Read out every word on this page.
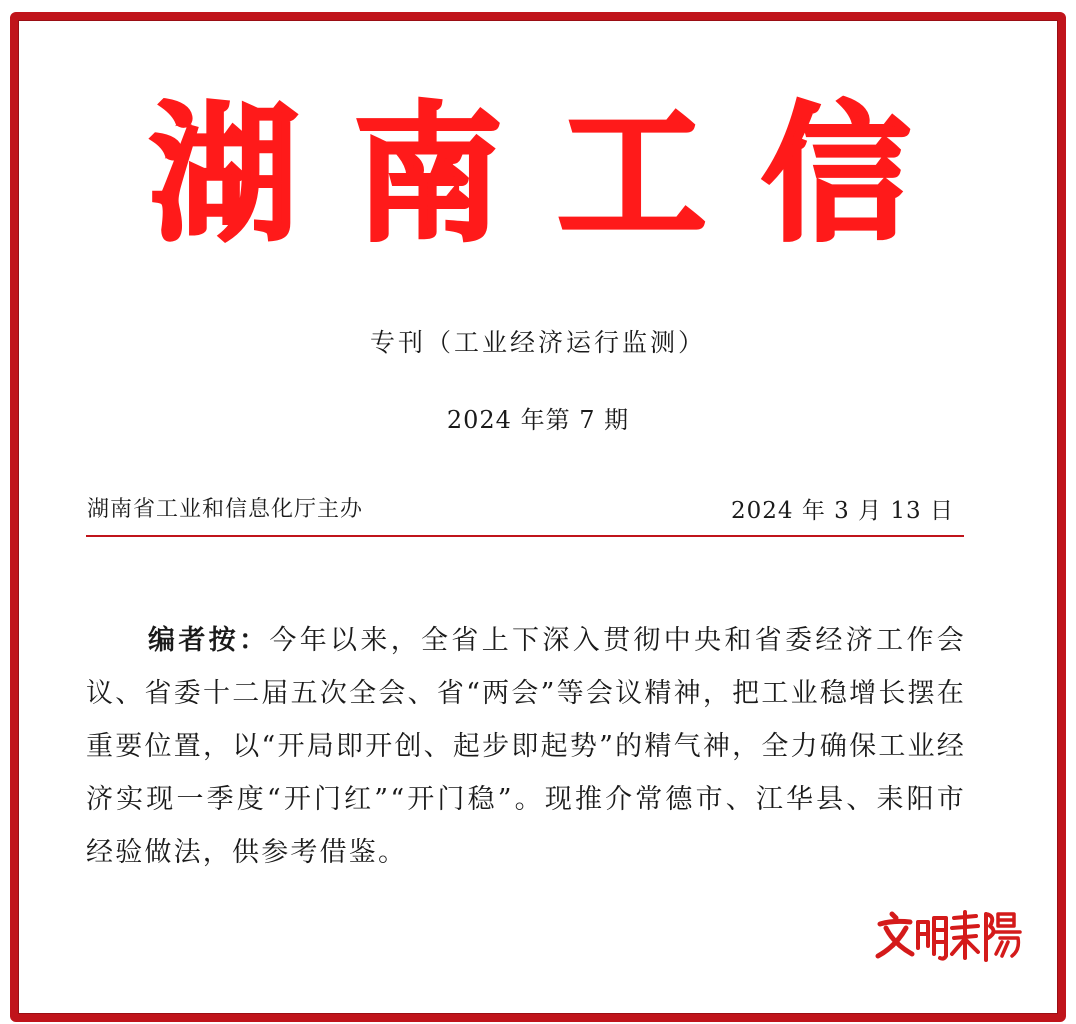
湖 南 工 信
专刊（工业经济运行监测）
2024 年第 7 期
湖南省工业和信息化厅主办	2024 年 3 月 13 日

编者按：今年以来，全省上下深入贯彻中央和省委经济工作会议、省委十二届五次全会、省“两会”等会议精神，把工业稳增长摆在重要位置，以“开局即开创、起步即起势”的精气神，全力确保工业经济实现一季度“开门红”“开门稳”。现推介常德市、江华县、耒阳市经验做法，供参考借鉴。
